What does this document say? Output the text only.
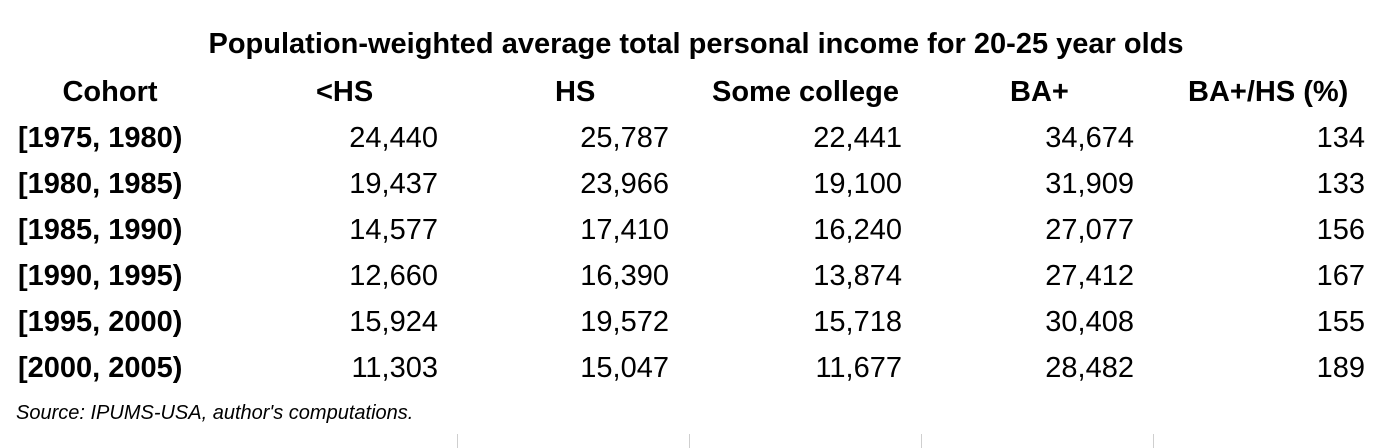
Population-weighted average total personal income for 20-25 year olds
Cohort	<HS	HS	Some college	BA+	BA+/HS (%)
[1975, 1980)	24,440	25,787	22,441	34,674	134
[1980, 1985)	19,437	23,966	19,100	31,909	133
[1985, 1990)	14,577	17,410	16,240	27,077	156
[1990, 1995)	12,660	16,390	13,874	27,412	167
[1995, 2000)	15,924	19,572	15,718	30,408	155
[2000, 2005)	11,303	15,047	11,677	28,482	189
Source: IPUMS-USA, author's computations.
